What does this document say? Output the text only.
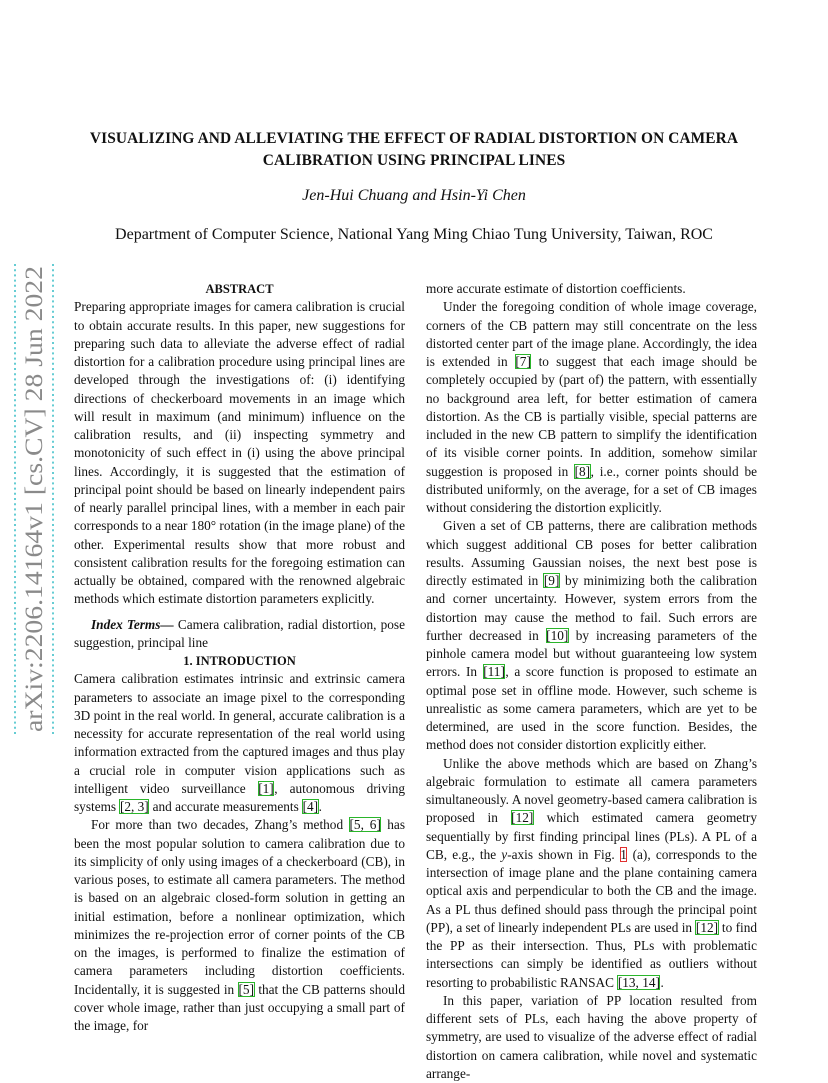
arXiv:2206.14164v1 [cs.CV] 28 Jun 2022
VISUALIZING AND ALLEVIATING THE EFFECT OF RADIAL DISTORTION ON CAMERA
CALIBRATION USING PRINCIPAL LINES
Jen-Hui Chuang and Hsin-Yi Chen
Department of Computer Science, National Yang Ming Chiao Tung University, Taiwan, ROC

ABSTRACT

Preparing appropriate images for camera calibration is crucial to obtain accurate results. In this paper, new suggestions for preparing such data to alleviate the adverse effect of radial distortion for a calibration procedure using principal lines are developed through the investigations of: (i) identifying directions of checkerboard movements in an image which will result in maximum (and minimum) influence on the calibration results, and (ii) inspecting symmetry and monotonicity of such effect in (i) using the above principal lines. Accordingly, it is suggested that the estimation of principal point should be based on linearly independent pairs of nearly parallel principal lines, with a member in each pair corresponds to a near 180° rotation (in the image plane) of the other. Experimental results show that more robust and consistent calibration results for the foregoing estimation can actually be obtained, compared with the renowned algebraic methods which estimate distortion parameters explicitly.

Index Terms— Camera calibration, radial distortion, pose suggestion, principal line

1. INTRODUCTION

Camera calibration estimates intrinsic and extrinsic camera parameters to associate an image pixel to the corresponding 3D point in the real world. In general, accurate calibration is a necessity for accurate representation of the real world using information extracted from the captured images and thus play a crucial role in computer vision applications such as intelligent video surveillance [1], autonomous driving systems [2, 3] and accurate measurements [4].

For more than two decades, Zhang’s method [5, 6] has been the most popular solution to camera calibration due to its simplicity of only using images of a checkerboard (CB), in various poses, to estimate all camera parameters. The method is based on an algebraic closed-form solution in getting an initial estimation, before a nonlinear optimization, which minimizes the re-projection error of corner points of the CB on the images, is performed to finalize the estimation of camera parameters including distortion coefficients. Incidentally, it is suggested in [5] that the CB patterns should cover whole image, rather than just occupying a small part of the image, for

more accurate estimate of distortion coefficients.

Under the foregoing condition of whole image coverage, corners of the CB pattern may still concentrate on the less distorted center part of the image plane. Accordingly, the idea is extended in [7] to suggest that each image should be completely occupied by (part of) the pattern, with essentially no background area left, for better estimation of camera distortion. As the CB is partially visible, special patterns are included in the new CB pattern to simplify the identification of its visible corner points. In addition, somehow similar suggestion is proposed in [8], i.e., corner points should be distributed uniformly, on the average, for a set of CB images without considering the distortion explicitly.

Given a set of CB patterns, there are calibration methods which suggest additional CB poses for better calibration results. Assuming Gaussian noises, the next best pose is directly estimated in [9] by minimizing both the calibration and corner uncertainty. However, system errors from the distortion may cause the method to fail. Such errors are further decreased in [10] by increasing parameters of the pinhole camera model but without guaranteeing low system errors. In [11], a score function is proposed to estimate an optimal pose set in offline mode. However, such scheme is unrealistic as some camera parameters, which are yet to be determined, are used in the score function. Besides, the method does not consider distortion explicitly either.

Unlike the above methods which are based on Zhang’s algebraic formulation to estimate all camera parameters simultaneously. A novel geometry-based camera calibration is proposed in [12] which estimated camera geometry sequentially by first finding principal lines (PLs). A PL of a CB, e.g., the y-axis shown in Fig. 1 (a), corresponds to the intersection of image plane and the plane containing camera optical axis and perpendicular to both the CB and the image. As a PL thus defined should pass through the principal point (PP), a set of linearly independent PLs are used in [12] to find the PP as their intersection. Thus, PLs with problematic intersections can simply be identified as outliers without resorting to probabilistic RANSAC [13, 14].

In this paper, variation of PP location resulted from different sets of PLs, each having the above property of symmetry, are used to visualize of the adverse effect of radial distortion on camera calibration, while novel and systematic arrange-
